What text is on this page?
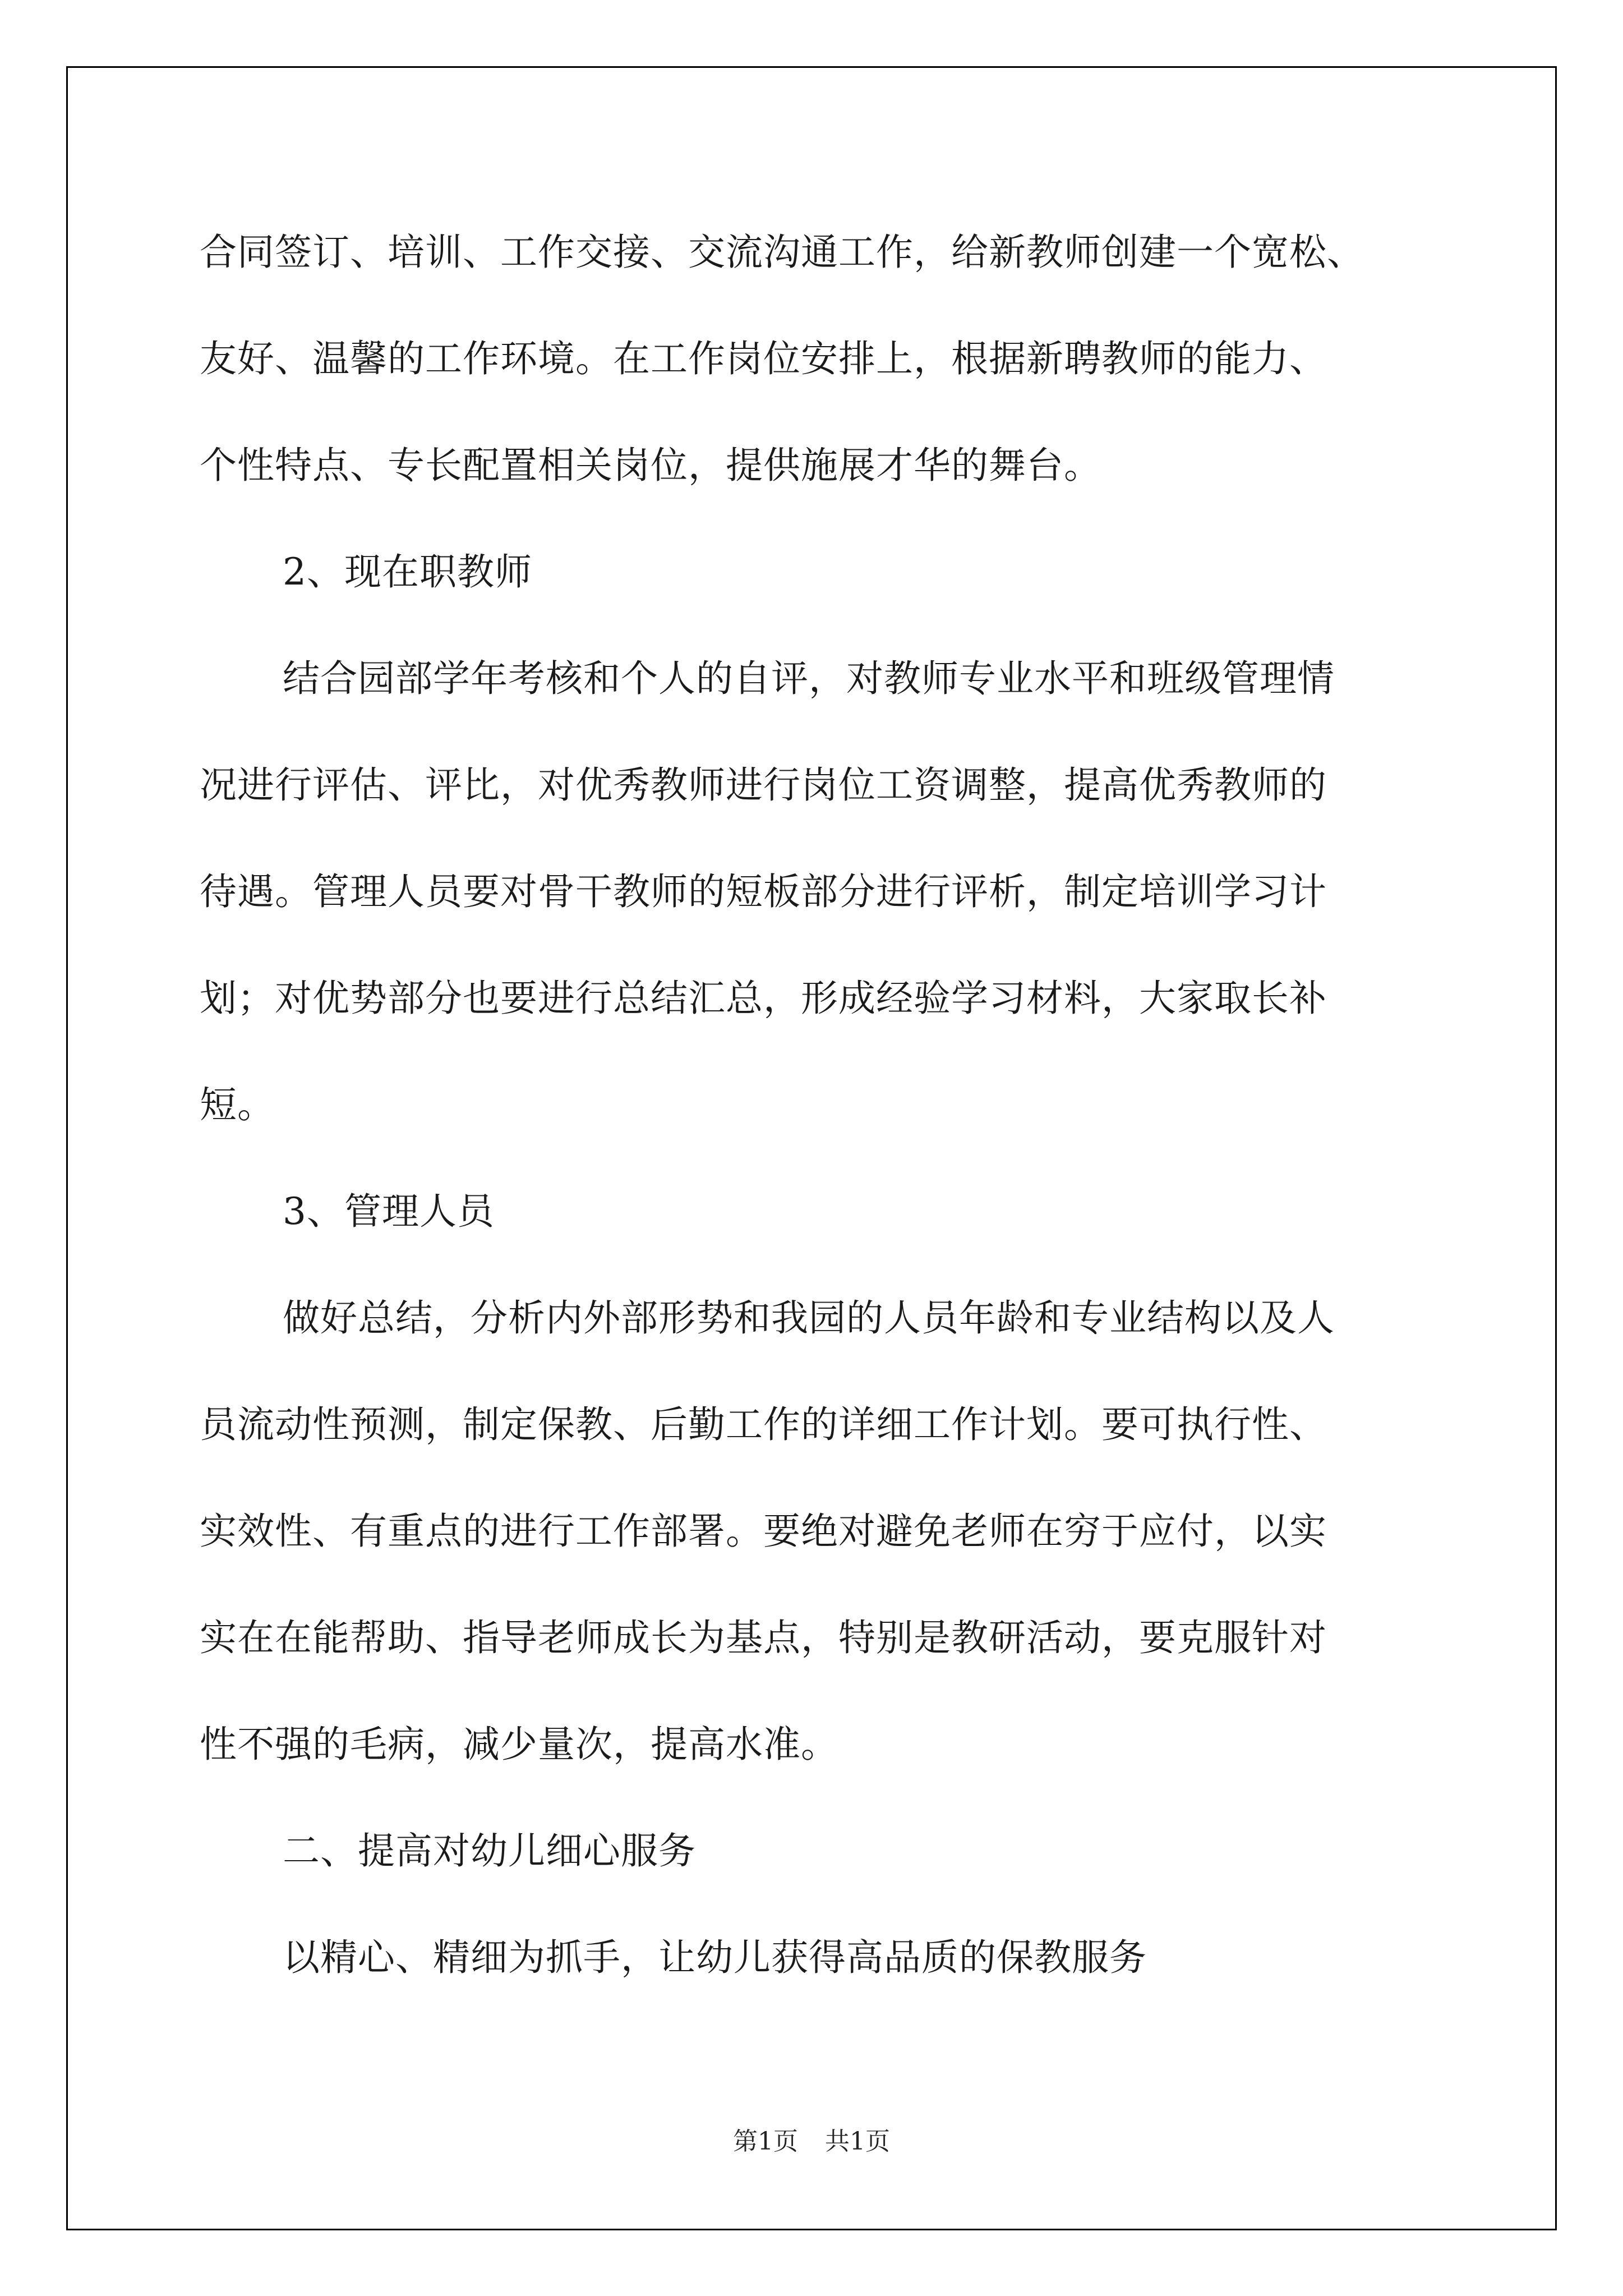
合同签订、培训、工作交接、交流沟通工作，给新教师创建一个宽松、
友好、温馨的工作环境。在工作岗位安排上，根据新聘教师的能力、
个性特点、专长配置相关岗位，提供施展才华的舞台。
2、现在职教师
结合园部学年考核和个人的自评，对教师专业水平和班级管理情
况进行评估、评比，对优秀教师进行岗位工资调整，提高优秀教师的
待遇。管理人员要对骨干教师的短板部分进行评析，制定培训学习计
划；对优势部分也要进行总结汇总，形成经验学习材料，大家取长补
短。
3、管理人员
做好总结，分析内外部形势和我园的人员年龄和专业结构以及人
员流动性预测，制定保教、后勤工作的详细工作计划。要可执行性、
实效性、有重点的进行工作部署。要绝对避免老师在穷于应付，以实
实在在能帮助、指导老师成长为基点，特别是教研活动，要克服针对
性不强的毛病，减少量次，提高水准。
二、提高对幼儿细心服务
以精心、精细为抓手，让幼儿获得高品质的保教服务
第1页 共1页
